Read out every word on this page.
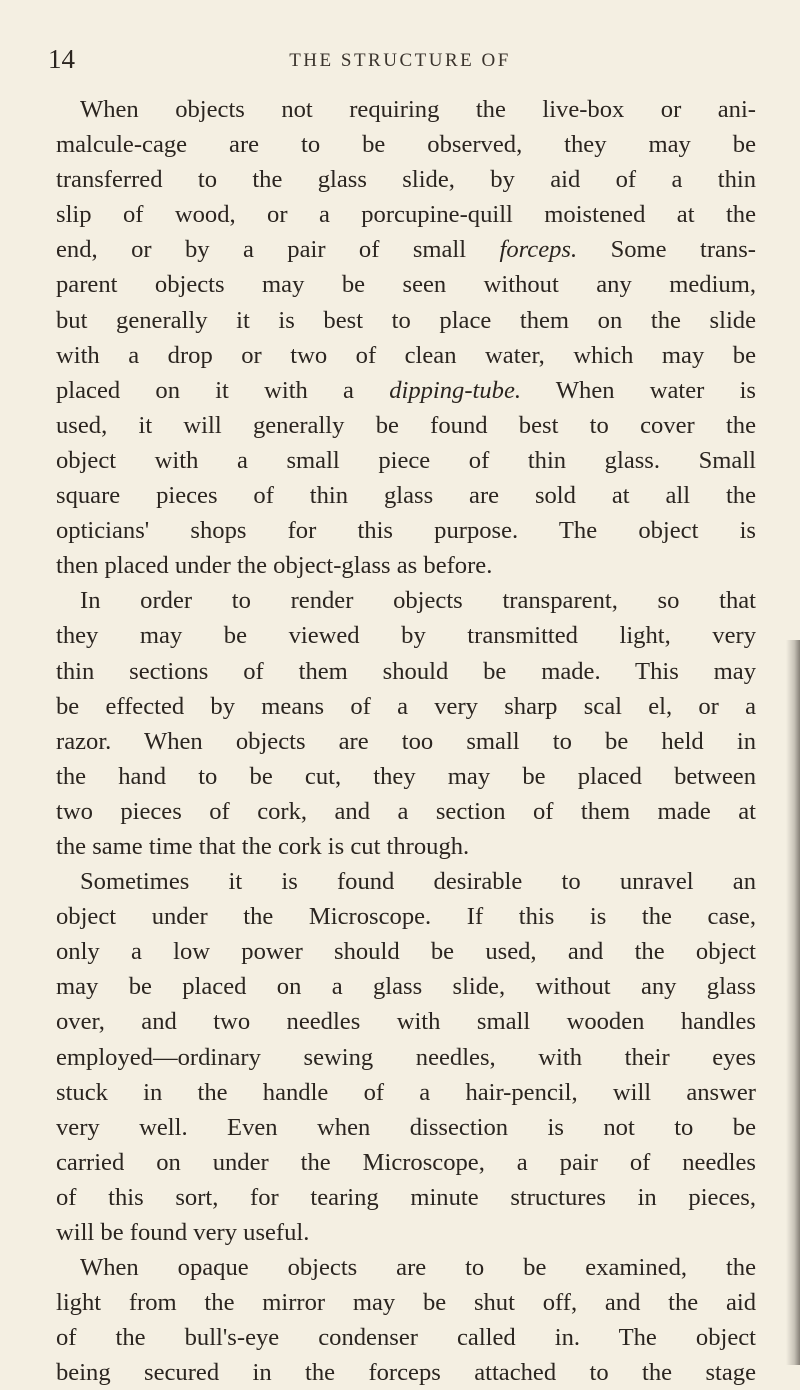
14	THE STRUCTURE OF
When objects not requiring the live-box or ani-
malcule-cage are to be observed, they may be
transferred to the glass slide, by aid of a thin
slip of wood, or a porcupine-quill moistened at the
end, or by a pair of small forceps. Some trans-
parent objects may be seen without any medium,
but generally it is best to place them on the slide
with a drop or two of clean water, which may be
placed on it with a dipping-tube. When water is
used, it will generally be found best to cover the
object with a small piece of thin glass. Small
square pieces of thin glass are sold at all the
opticians' shops for this purpose. The object is
then placed under the object-glass as before.
In order to render objects transparent, so that
they may be viewed by transmitted light, very
thin sections of them should be made. This may
be effected by means of a very sharp scal el, or a
razor. When objects are too small to be held in
the hand to be cut, they may be placed between
two pieces of cork, and a section of them made at
the same time that the cork is cut through.
Sometimes it is found desirable to unravel an
object under the Microscope. If this is the case,
only a low power should be used, and the object
may be placed on a glass slide, without any glass
over, and two needles with small wooden handles
employed—ordinary sewing needles, with their eyes
stuck in the handle of a hair-pencil, will answer
very well. Even when dissection is not to be
carried on under the Microscope, a pair of needles
of this sort, for tearing minute structures in pieces,
will be found very useful.
When opaque objects are to be examined, the
light from the mirror may be shut off, and the aid
of the bull's-eye condenser called in. The object
being secured in the forceps attached to the stage
